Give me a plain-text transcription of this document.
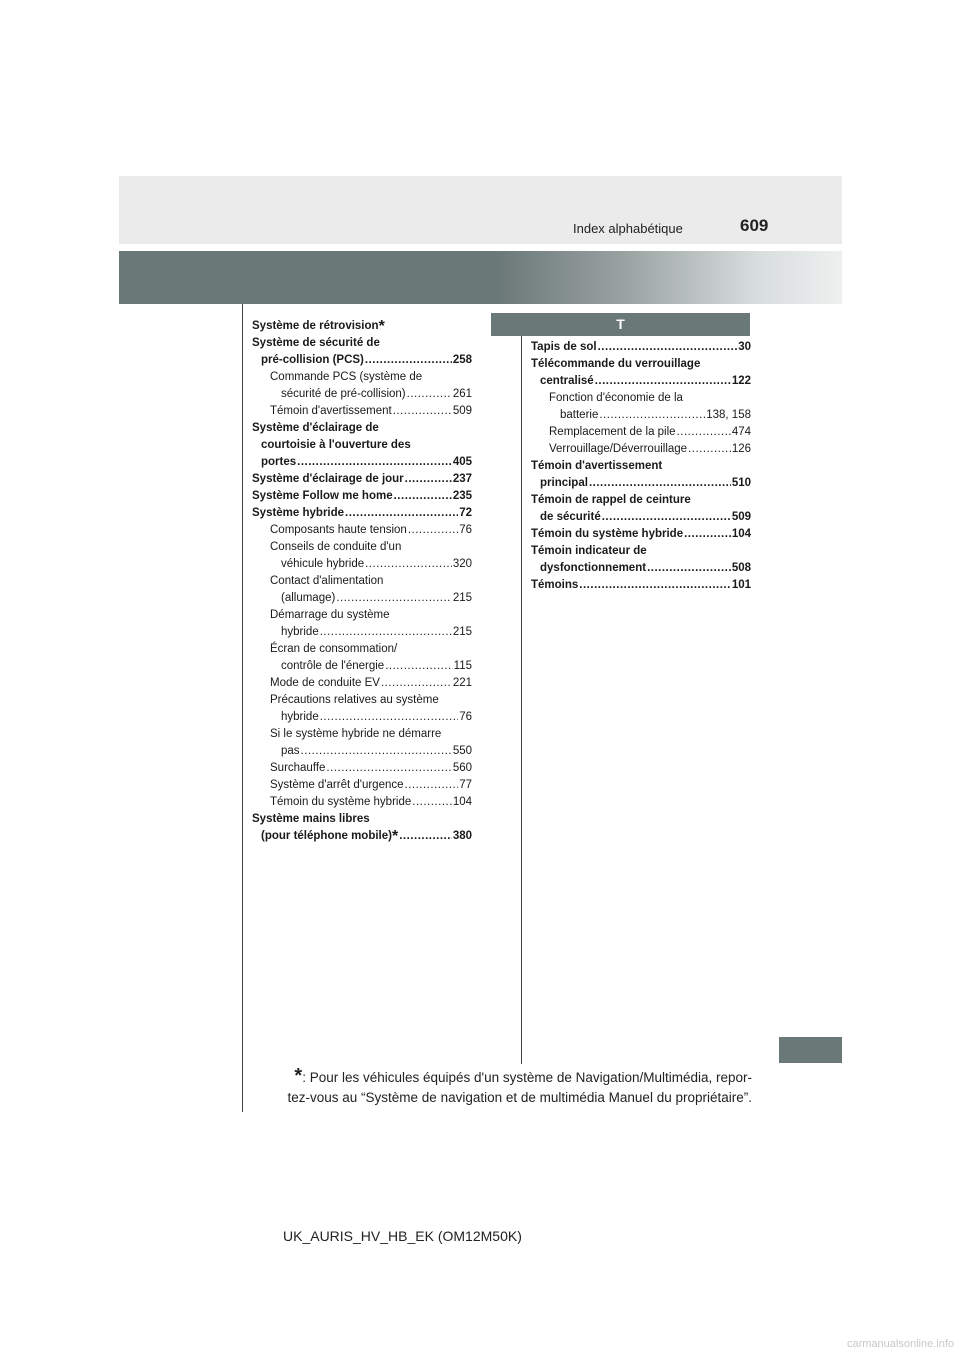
Index alphabétique	609
T
Système de rétrovision*
Système de sécurité de
pré-collision (PCS) .....	258
Commande PCS (système de
sécurité de pré-collision) .....	261
Témoin d'avertissement .....	509
Système d'éclairage de
courtoisie à l'ouverture des
portes .....	405
Système d'éclairage de jour .....	237
Système Follow me home .....	235
Système hybride .....	72
Composants haute tension .....	76
Conseils de conduite d'un
véhicule hybride .....	320
Contact d'alimentation
(allumage) .....	215
Démarrage du système
hybride .....	215
Écran de consommation/
contrôle de l'énergie .....	115
Mode de conduite EV .....	221
Précautions relatives au système
hybride .....	76
Si le système hybride ne démarre
pas .....	550
Surchauffe .....	560
Système d'arrêt d'urgence .....	77
Témoin du système hybride .....	104
Système mains libres
(pour téléphone mobile)* .....	380
Tapis de sol .....	30
Télécommande du verrouillage
centralisé .....	122
Fonction d'économie de la
batterie .....	138, 158
Remplacement de la pile .....	474
Verrouillage/Déverrouillage .....	126
Témoin d'avertissement
principal .....	510
Témoin de rappel de ceinture
de sécurité .....	509
Témoin du système hybride .....	104
Témoin indicateur de
dysfonctionnement .....	508
Témoins .....	101
*: Pour les véhicules équipés d'un système de Navigation/Multimédia, repor-
tez-vous au “Système de navigation et de multimédia Manuel du propriétaire”.
UK_AURIS_HV_HB_EK (OM12M50K)
carmanualsonline.info
